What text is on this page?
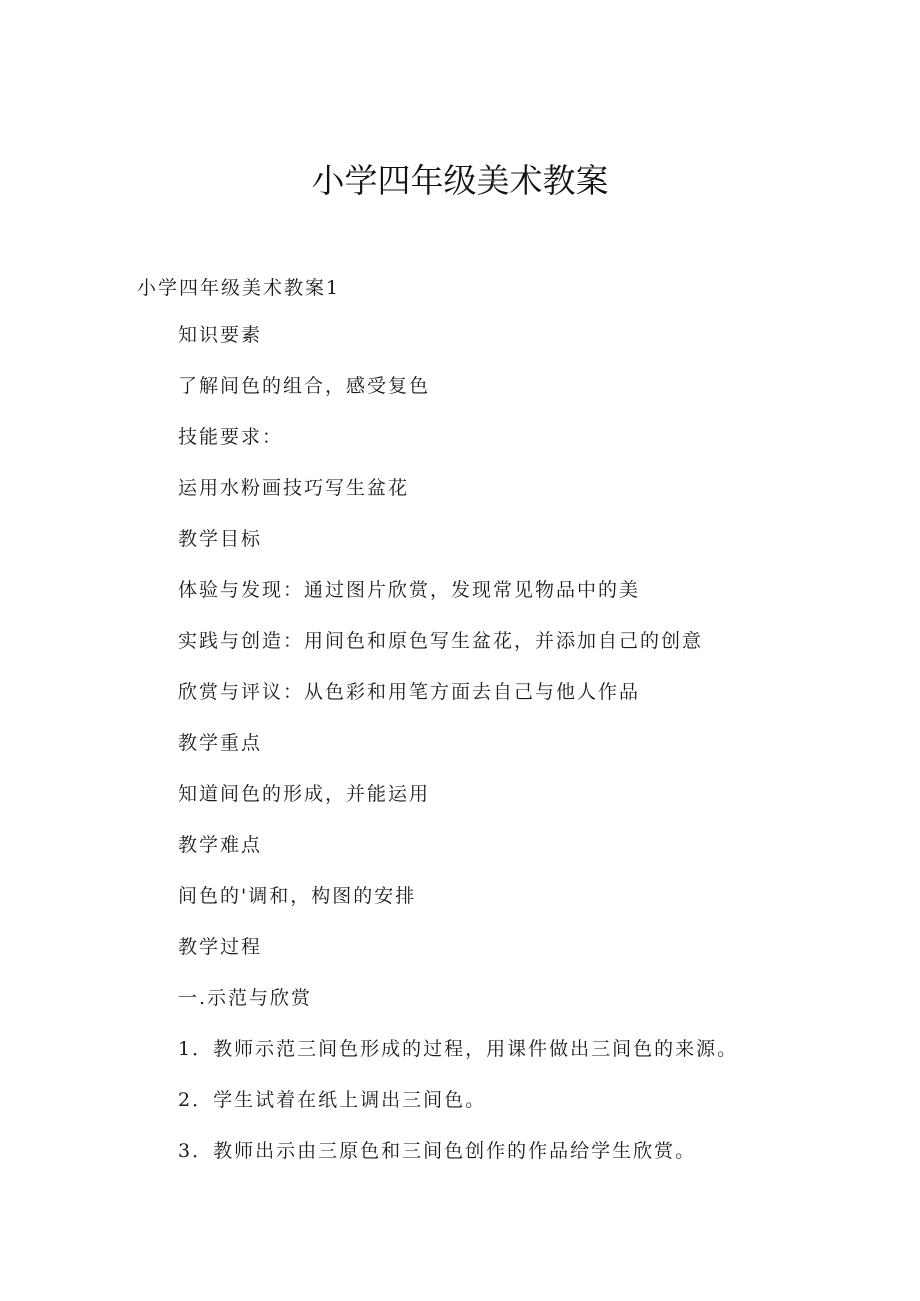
小学四年级美术教案
小学四年级美术教案1
知识要素
了解间色的组合，感受复色
技能要求：
运用水粉画技巧写生盆花
教学目标
体验与发现：通过图片欣赏，发现常见物品中的美
实践与创造：用间色和原色写生盆花，并添加自己的创意
欣赏与评议：从色彩和用笔方面去自己与他人作品
教学重点
知道间色的形成，并能运用
教学难点
间色的'调和，构图的安排
教学过程
一.示范与欣赏
1．教师示范三间色形成的过程，用课件做出三间色的来源。
2．学生试着在纸上调出三间色。
3．教师出示由三原色和三间色创作的作品给学生欣赏。
